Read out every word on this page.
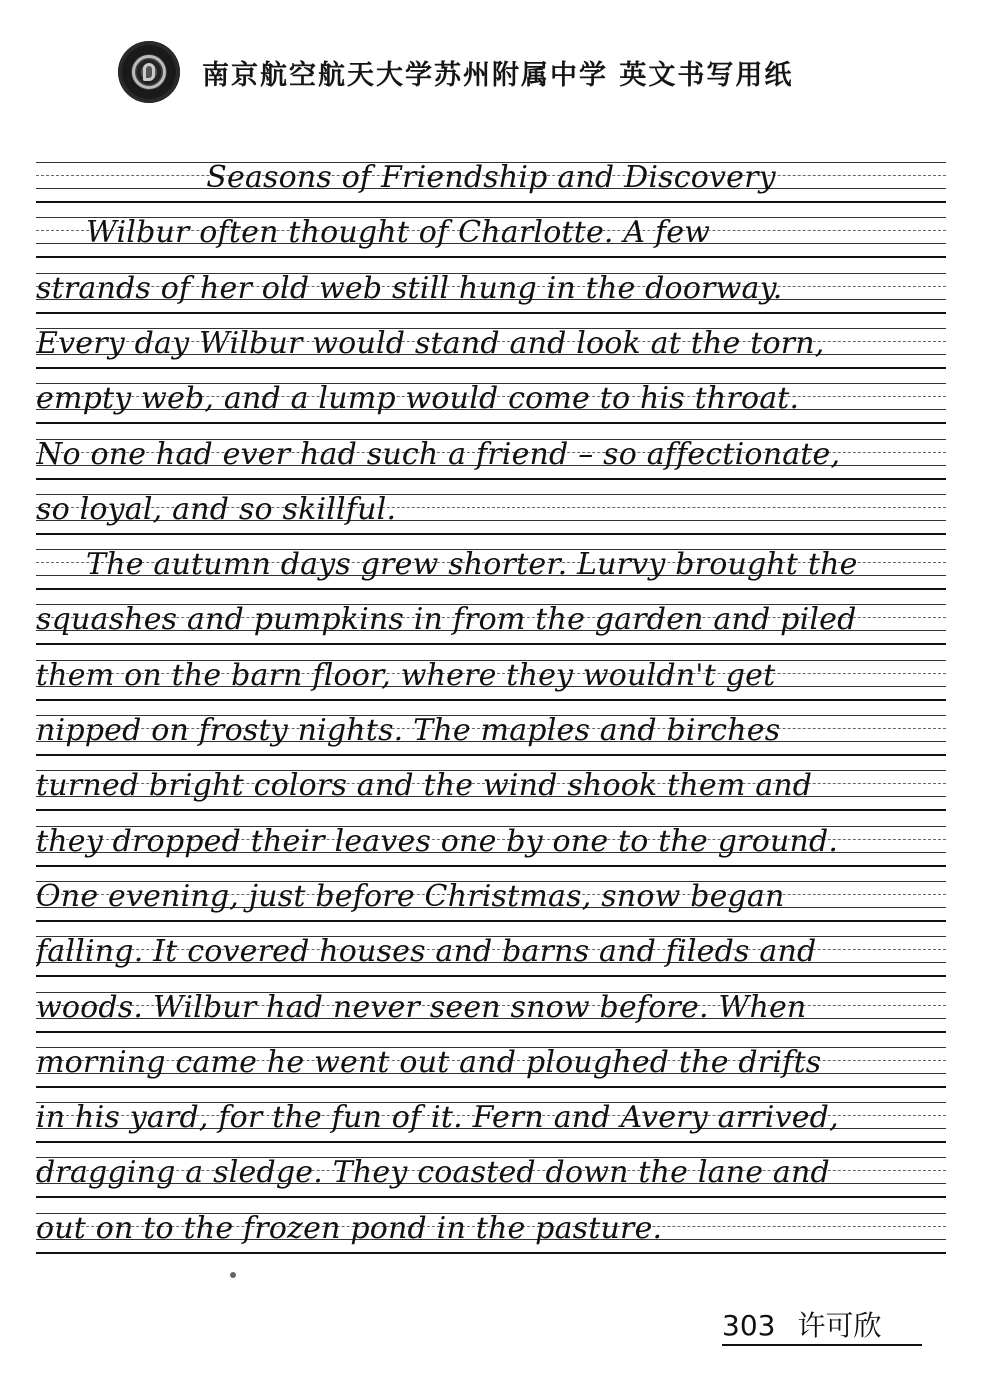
南京航空航天大学苏州附属中学 英文书写用纸
Seasons of Friendship and Discovery
Wilbur often thought of Charlotte. A few
strands of her old web still hung in the doorway.
Every day Wilbur would stand and look at the torn,
empty web, and a lump would come to his throat.
No one had ever had such a friend – so affectionate,
so loyal, and so skillful.
The autumn days grew shorter. Lurvy brought the
squashes and pumpkins in from the garden and piled
them on the barn floor, where they wouldn't get
nipped on frosty nights. The maples and birches
turned bright colors and the wind shook them and
they dropped their leaves one by one to the ground.
One evening, just before Christmas, snow began
falling. It covered houses and barns and fileds and
woods. Wilbur had never seen snow before. When
morning came he went out and ploughed the drifts
in his yard, for the fun of it. Fern and Avery arrived,
dragging a sledge. They coasted down the lane and
out on to the frozen pond in the pasture.
303 许可欣
